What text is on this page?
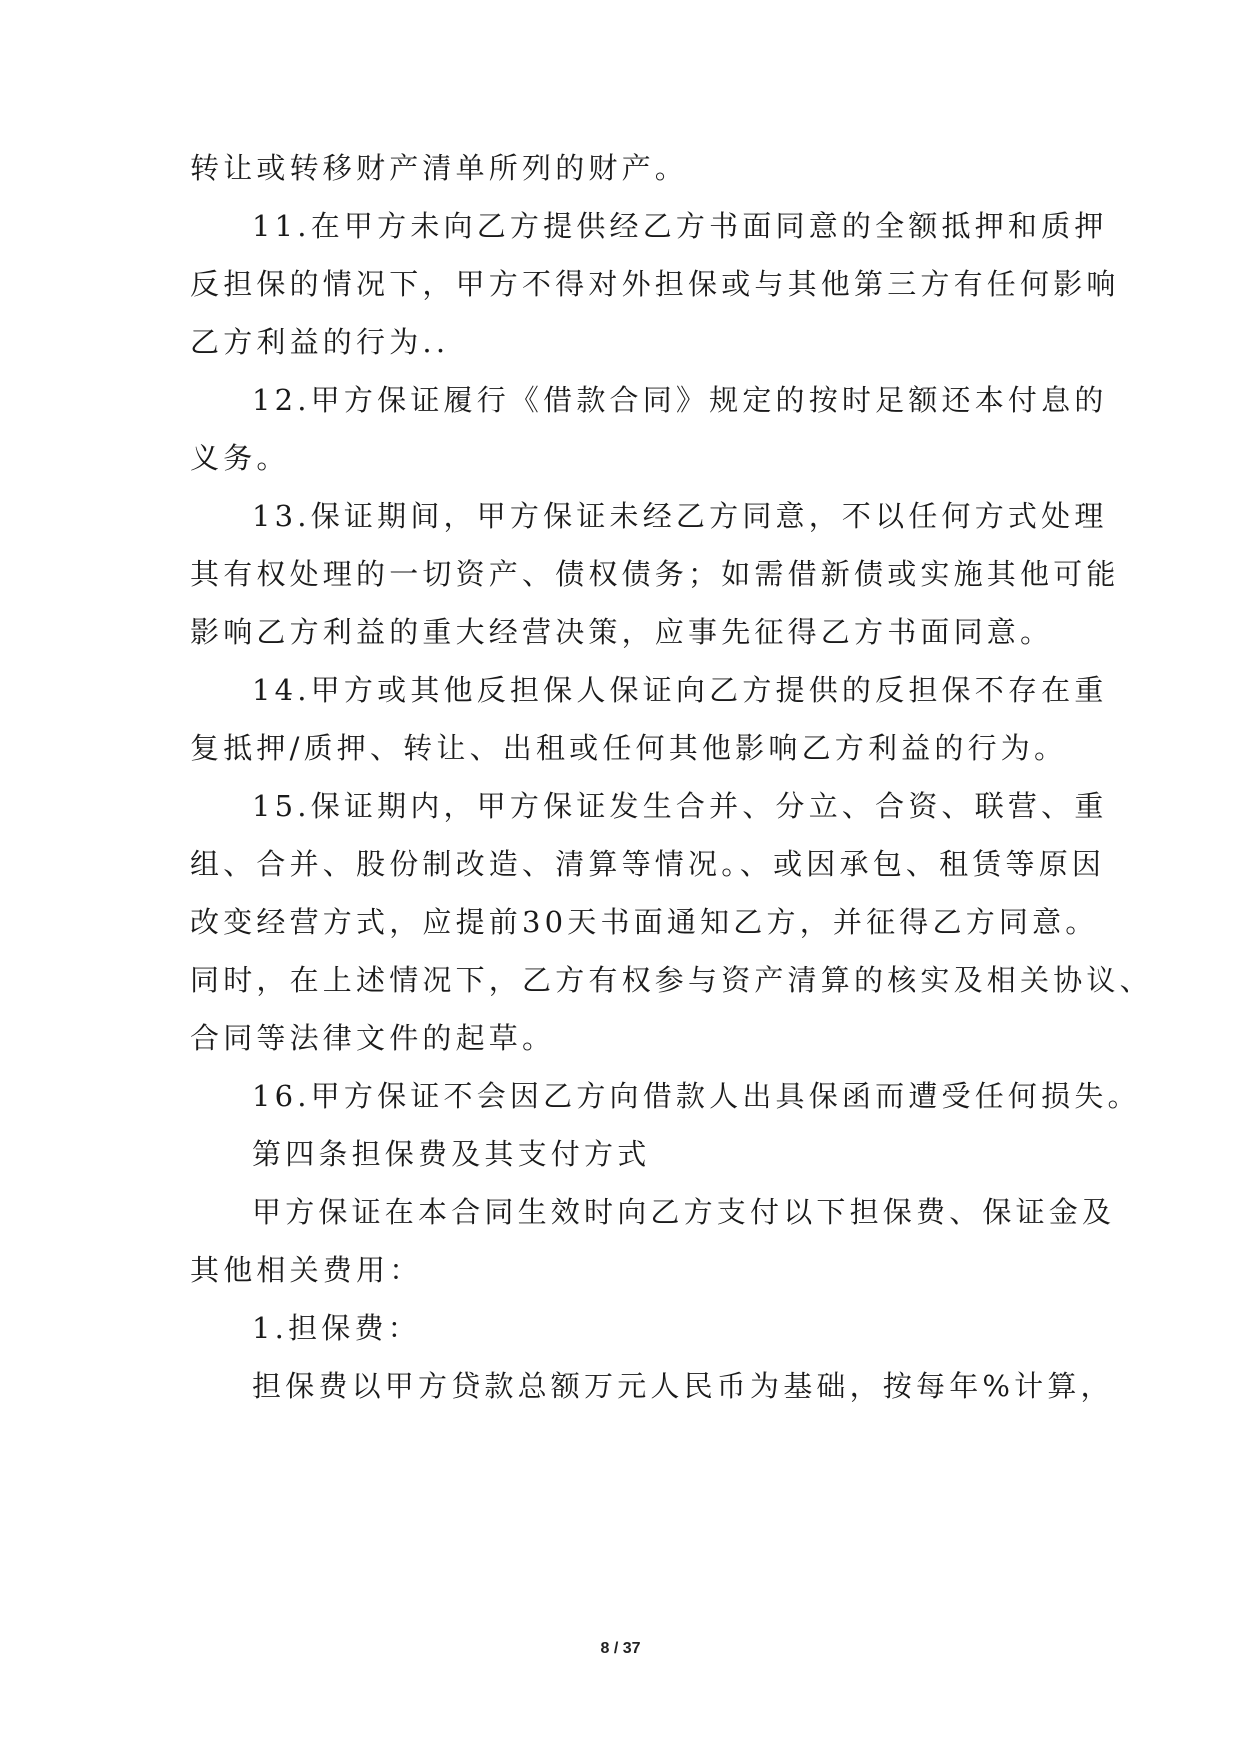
转让或转移财产清单所列的财产。
11.在甲方未向乙方提供经乙方书面同意的全额抵押和质押
反担保的情况下，甲方不得对外担保或与其他第三方有任何影响
乙方利益的行为..
12.甲方保证履行《借款合同》规定的按时足额还本付息的
义务。
13.保证期间，甲方保证未经乙方同意，不以任何方式处理
其有权处理的一切资产、债权债务；如需借新债或实施其他可能
影响乙方利益的重大经营决策，应事先征得乙方书面同意。
14.甲方或其他反担保人保证向乙方提供的反担保不存在重
复抵押/质押、转让、出租或任何其他影响乙方利益的行为。
15.保证期内，甲方保证发生合并、分立、合资、联营、重
组、合并、股份制改造、清算等情况。、或因承包、租赁等原因
改变经营方式，应提前30天书面通知乙方，并征得乙方同意。
同时，在上述情况下，乙方有权参与资产清算的核实及相关协议、
合同等法律文件的起草。
16.甲方保证不会因乙方向借款人出具保函而遭受任何损失。
第四条担保费及其支付方式
甲方保证在本合同生效时向乙方支付以下担保费、保证金及
其他相关费用：
1.担保费：
担保费以甲方贷款总额万元人民币为基础，按每年%计算，
8 / 37
